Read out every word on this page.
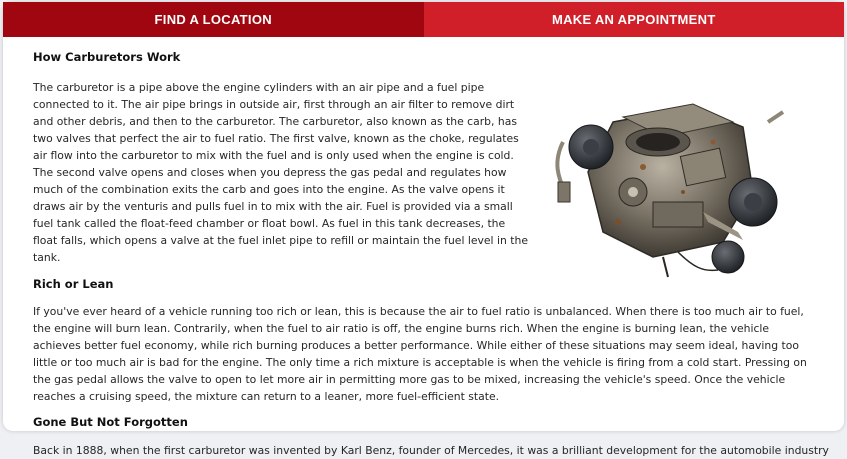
FIND A LOCATION	MAKE AN APPOINTMENT
How Carburetors Work

The carburetor is a pipe above the engine cylinders with an air pipe and a fuel pipe connected to it. The air pipe brings in outside air, first through an air filter to remove dirt and other debris, and then to the carburetor. The carburetor, also known as the carb, has two valves that perfect the air to fuel ratio. The first valve, known as the choke, regulates air flow into the carburetor to mix with the fuel and is only used when the engine is cold. The second valve opens and closes when you depress the gas pedal and regulates how much of the combination exits the carb and goes into the engine. As the valve opens it draws air by the venturis and pulls fuel in to mix with the air. Fuel is provided via a small fuel tank called the float-feed chamber or float bowl. As fuel in this tank decreases, the float falls, which opens a valve at the fuel inlet pipe to refill or maintain the fuel level in the tank.

Rich or Lean

If you've ever heard of a vehicle running too rich or lean, this is because the air to fuel ratio is unbalanced. When there is too much air to fuel, the engine will burn lean. Contrarily, when the fuel to air ratio is off, the engine burns rich. When the engine is burning lean, the vehicle achieves better fuel economy, while rich burning produces a better performance. While either of these situations may seem ideal, having too little or too much air is bad for the engine. The only time a rich mixture is acceptable is when the vehicle is firing from a cold start. Pressing on the gas pedal allows the valve to open to let more air in permitting more gas to be mixed, increasing the vehicle's speed. Once the vehicle reaches a cruising speed, the mixture can return to a leaner, more fuel-efficient state.

Gone But Not Forgotten

Back in 1888, when the first carburetor was invented by Karl Benz, founder of Mercedes, it was a brilliant development for the automobile industry
